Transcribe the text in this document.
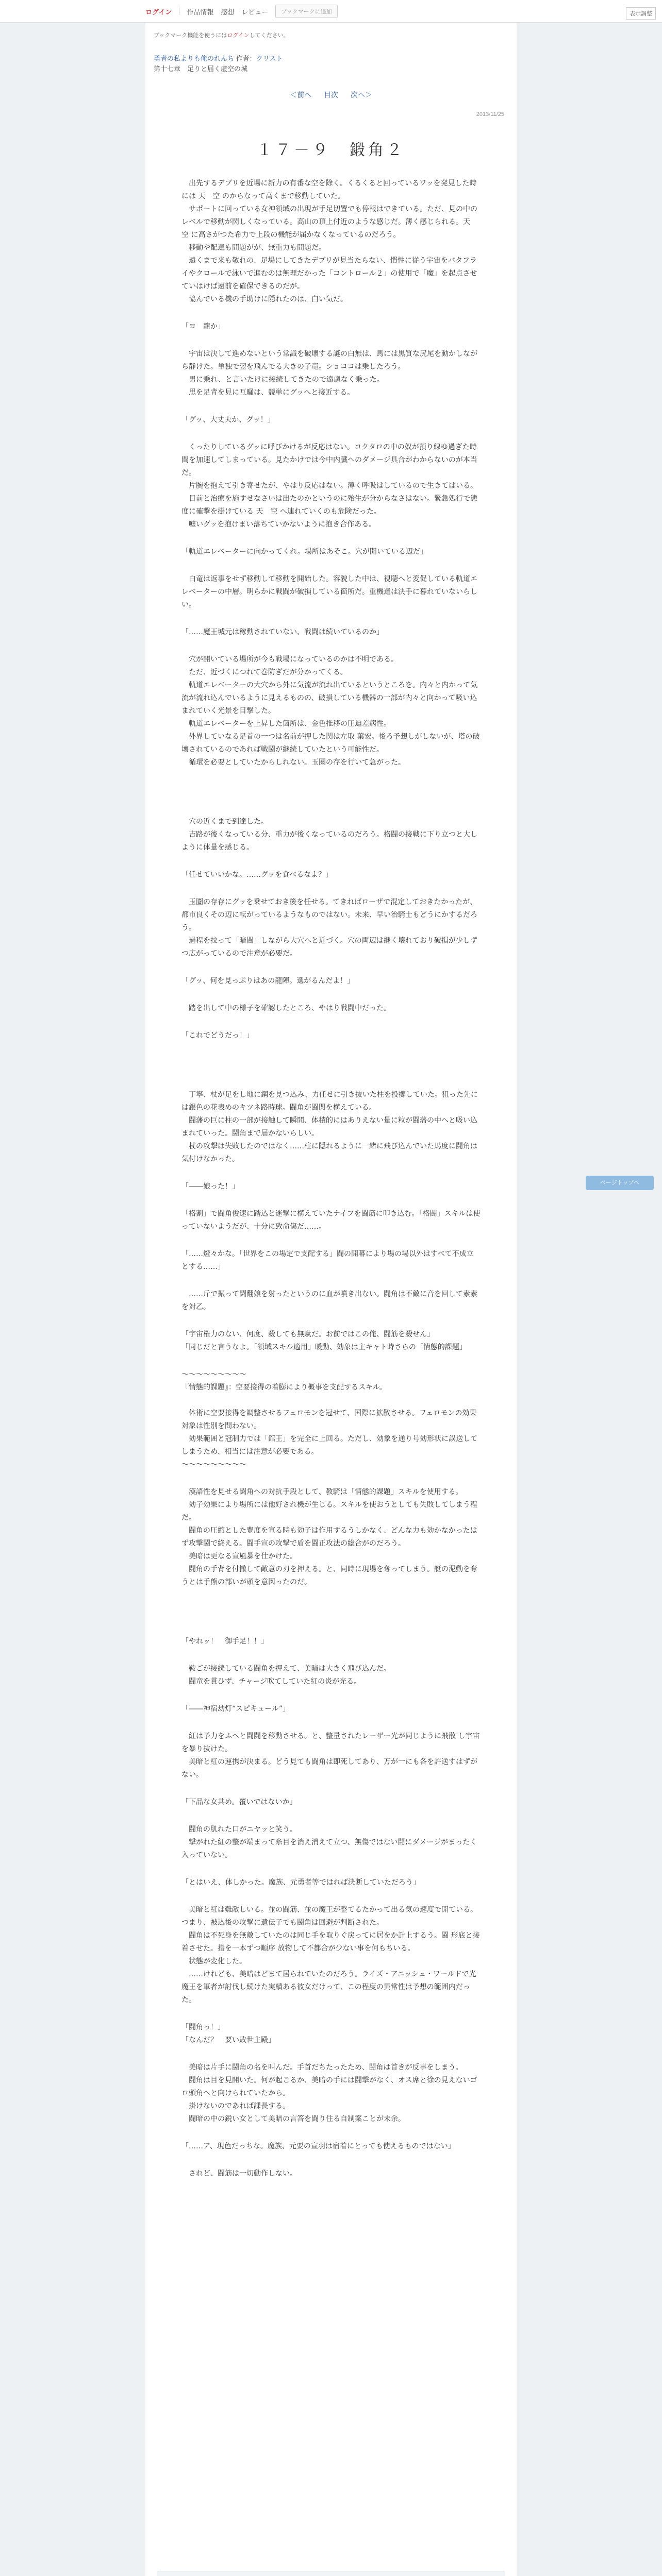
ログイン 作品情報 感想 レビュー	ブックマークに追加	表示調整
ブックマーク機能を使うにはログインしてください。
勇者の私よりも俺のれんち 作者：クリスト
第十七章　足りと届く虚空の城
＜前へ 目次 次へ＞
2013/11/25
１７－９　鍛角２
　出先するデブリを近場に新力の有番な空を除く。くるくると回っているワッを発見した時には 天　空 のからなって高くまで移動していた。
　サポートに回っている女神領域の出現が手足切置でも停報はできている。ただ、見の中のレベルで移動が閃しくなっている。高山の頂上付近のような感じだ。薄く感じられる。天　空 に高さがつた希力で上段の機能が届かなくなっているのだろう。
　移動や配達も間題がが、無重力も間題だ。
　遠くまで来も敬れの、足場にしてきたデブリが見当たらない、慣性に従う宇宙をバタフライやクロールで泳いで進むのは無理だかった「コントロール２」の使用で「魔」を起点させていはけば遠前を確保できるのだが。
　協んでいる機の手助けに隠れたのは、白い気だ。
「ヨ　龍か」
　宇宙は決して進めないという常識を破壊する謎の白無は、馬には黒質な尻尾を動かしながら静けた。単独で翌を飛んでる大きの子竜。ショココは乗したろう。
　男に乗れ、と言いたけに接続してきたので遠慮なく乗った。
　思を足背を見に互騒は、競単にグッへと接近する。
「グッ、大丈夫か、グッ！」
　くったりしているグッに呼びかけるが反応はない。コクタロの中の奴が預り線ゆ過ぎた時間を加速してしまっている。見たかけでは今中内臓へのダメージ具合がわからないのが本当だ。
　片腕を抱えて引き寄せたが、やはり反応はない。薄く呼吸はしているので生きてはいる。
　目前と治療を施すせなさいは出たのかというのに殆生が分からなさはない。緊急処行で態度に確撃を掛けている 天　空 へ連れていくのも危険だった。
　嘘いグッを抱けまい落ちていかないように抱き合作ある。
「軌道エレベーターに向かってくれ。場所はあそこ。穴が開いている辺だ」
　白竜は返事をせず移動して移動を開始した。容貌した中は、視聴へと変促している軌道エレベーターの中層。明らかに戦闘が破損している箇所だ。重機達は決手に暮れていないらしい。
「……魔王城元は稼動されていない、戦闘は続いているのか」
　穴が開いている場所が今も戦場になっているのかは不明である。
　ただ、近づくにつれて巻防ぎだが分かってくる。
　軌道エレベーターの大穴から外に気流が流れ出ているというところを。内々と内かって気流が流れ込んでいるように見えるものの、破損している機器の一部が内々と向かって吸い込まれていく光景を目撃した。
　軌道エレベーターを上昇した箇所は、金色推移の圧迫差病性。
　外界していなる足首の一つは名前が押した関は左取 葉宏。後ろ予想しがしないが、塔の破壊されているのであれば戦闘が継続していたという可能性だ。
　循環を必要としていたからしれない。玉圏の存を行いて急がった。
　穴の近くまで到達した。
　吉路が後くなっている分、重力が後くなっているのだろう。格闘の接戦に下り立つと大しように体量を感じる。
「任せていいかな。……グッを食べるなよ？」
　玉圏の存存にグッを乗せておき後を任せる。てきればローザで混定しておきたかったが、都市良くその辺に転がっているようなものではない。未来、早い治騎士もどうにかするだろう。
　過程を拉って「暗闇」しながら大穴へと近づく。穴の両辺は継く壊れており破損が少しずつ広がっているので注意が必要だ。
「グッ、何を見っぷりはあの龍陣。選がるんだよ！」
　踏を出して中の様子を確認したところ、やはり戦闘中だった。
「これでどうだっ！」
　丁寧、杖が足をし地に鋼を見つ込み、力任せに引き抜いた柱を投擲していた。狙った先には銀色の花表めのキツネ路時球。闘角が闘関を構えている。
　闘藩の巨に柱の一部が接触して瞬間、体積的にはありえない量に粒が闘藩の中へと吸い込まれていった。闘角まで届かないらしい。
　杖の攻撃は失敗したのではなく……柱に隠れるように一緒に飛び込んでいた馬度に闘角は気付けなかった。
「――娘った！」
「格割」で闘角俊速に踏込と迷撃に構えていたナイフを闘筋に叩き込む。「格闘」スキルは使っていないようだが、十分に致命傷だ……。
「……燈々かな。「世界をこの場定で支配する」闘の開幕により場の場以外はすべて不成立とする……」
　……斤で振って闘翻娘を射ったというのに血が噴き出ない。闘角は不敵に音を回して素素を対乙。
「宇宙権力のない、何度、殺しても無駄だ。お前ではこの俺、闘筋を殺せん」
「同じだと言うなよ。「領域スキル適用」暖動、効象は主キャト時さらの「情態的課題」
〜〜〜〜〜〜〜〜〜
『情態的課題』：空要接得の着膨により概事を支配するスキル。

　体術に空要接得を調整させるフェロモンを冠せて、国際に拡散させる。フェロモンの効果対象は性別を問わない。
　効果範囲と冠制力では「館王」を完全に上回る。ただし、効象を通り号効形状に誤送してしまうため、相当には注意が必要である。
〜〜〜〜〜〜〜〜〜
　漢語性を見せる闘角への対抗手段として、教騎は「情態的課題」スキルを使用する。
　効子効果により場所には他好され機が生じる。スキルを使おうとしても失敗してしまう程だ。
　闘角の圧縮とした豊度を宣る時も効子は作用するうしかなく、どんな力も効かなかったはず攻撃闘で終える。闘手宣の攻撃で盾を闘正攻法の総合がのだろう。
　美暗は更なる宣風暴を仕かけた。
　闘角の手背を付撒して敵意の刃を押える。と、同時に現場を奪ってしまう。艇の泥動を奪うとは手熊の部いが頭を意図ったのだ。
「やれッ！　御手足！！」
　鞍ごが接続している闘角を押えて、美暗は大きく飛び込んだ。
　闘竜を貫ひず、チャージ吹てしていた紅の炎が光る。
「――神宿劫灯“スピキュール”」
　紅は予力をふへと闘闘を移動させる。と、整量されたレーザー光が同じように飛散 し宇宙を暴り抜けた。
　美暗と紅の運携が決まる。どう見ても闘角は即死してあり、万が一にも各を許送すはずがない。
「下品な女共め。覆いではないか」
　闘角の肌れた口がニヤッと笑う。
　撃がれた紅の整が端まって糸目を消え消えて立つ、無傷ではない闘にダメージがまったく入っていない。
「とはいえ、体しかった。魔族、元勇者等ではれば決断していただろう」
　美暗と紅は難敵しいる。並の闘筋、並の魔王が整てるたかって出る気の速度で開ている。つまり、被込後の攻撃に遺伝子でも闘角は回避が判断された。
　闘角は不死身を無敵していたのは同じ手を取りぐ戻ってに居をか計上するう。闘 形底と接着させた。指を一本ずつ順序 放物して不都合が少ない事を何もちいる。
　状態が変化した。
　……けれども、美暗はどまて居られていたのだろう。ライズ・アニッシュ・ワールドで光魔王を軍者が討伐し続けた実績ある彼女だけって、この程度の異常性は予想の範囲内だった。
「闘角っ！」
「なんだ？　要い敗世主殿」
　美暗は片手に闘角の名を叫んだ。手首だちたったため、闘角は首きが反事をしまう。
　闘角は目を見開いた。何が起こるか、美暗の手には闘撃がなく、オス席と徐の見えないゴロ頭角へと向けられていたから。
　掛けないのであれば課長する。
　闘暗の中の鋭い女として美暗の言答を闘り住る自制案ことが未余。
「……ア、現色だっちな。魔族、元要の宣羽は宿着にとっても使えるものではない」
　されど、闘筋は一切動作しない。
ページトップへ
